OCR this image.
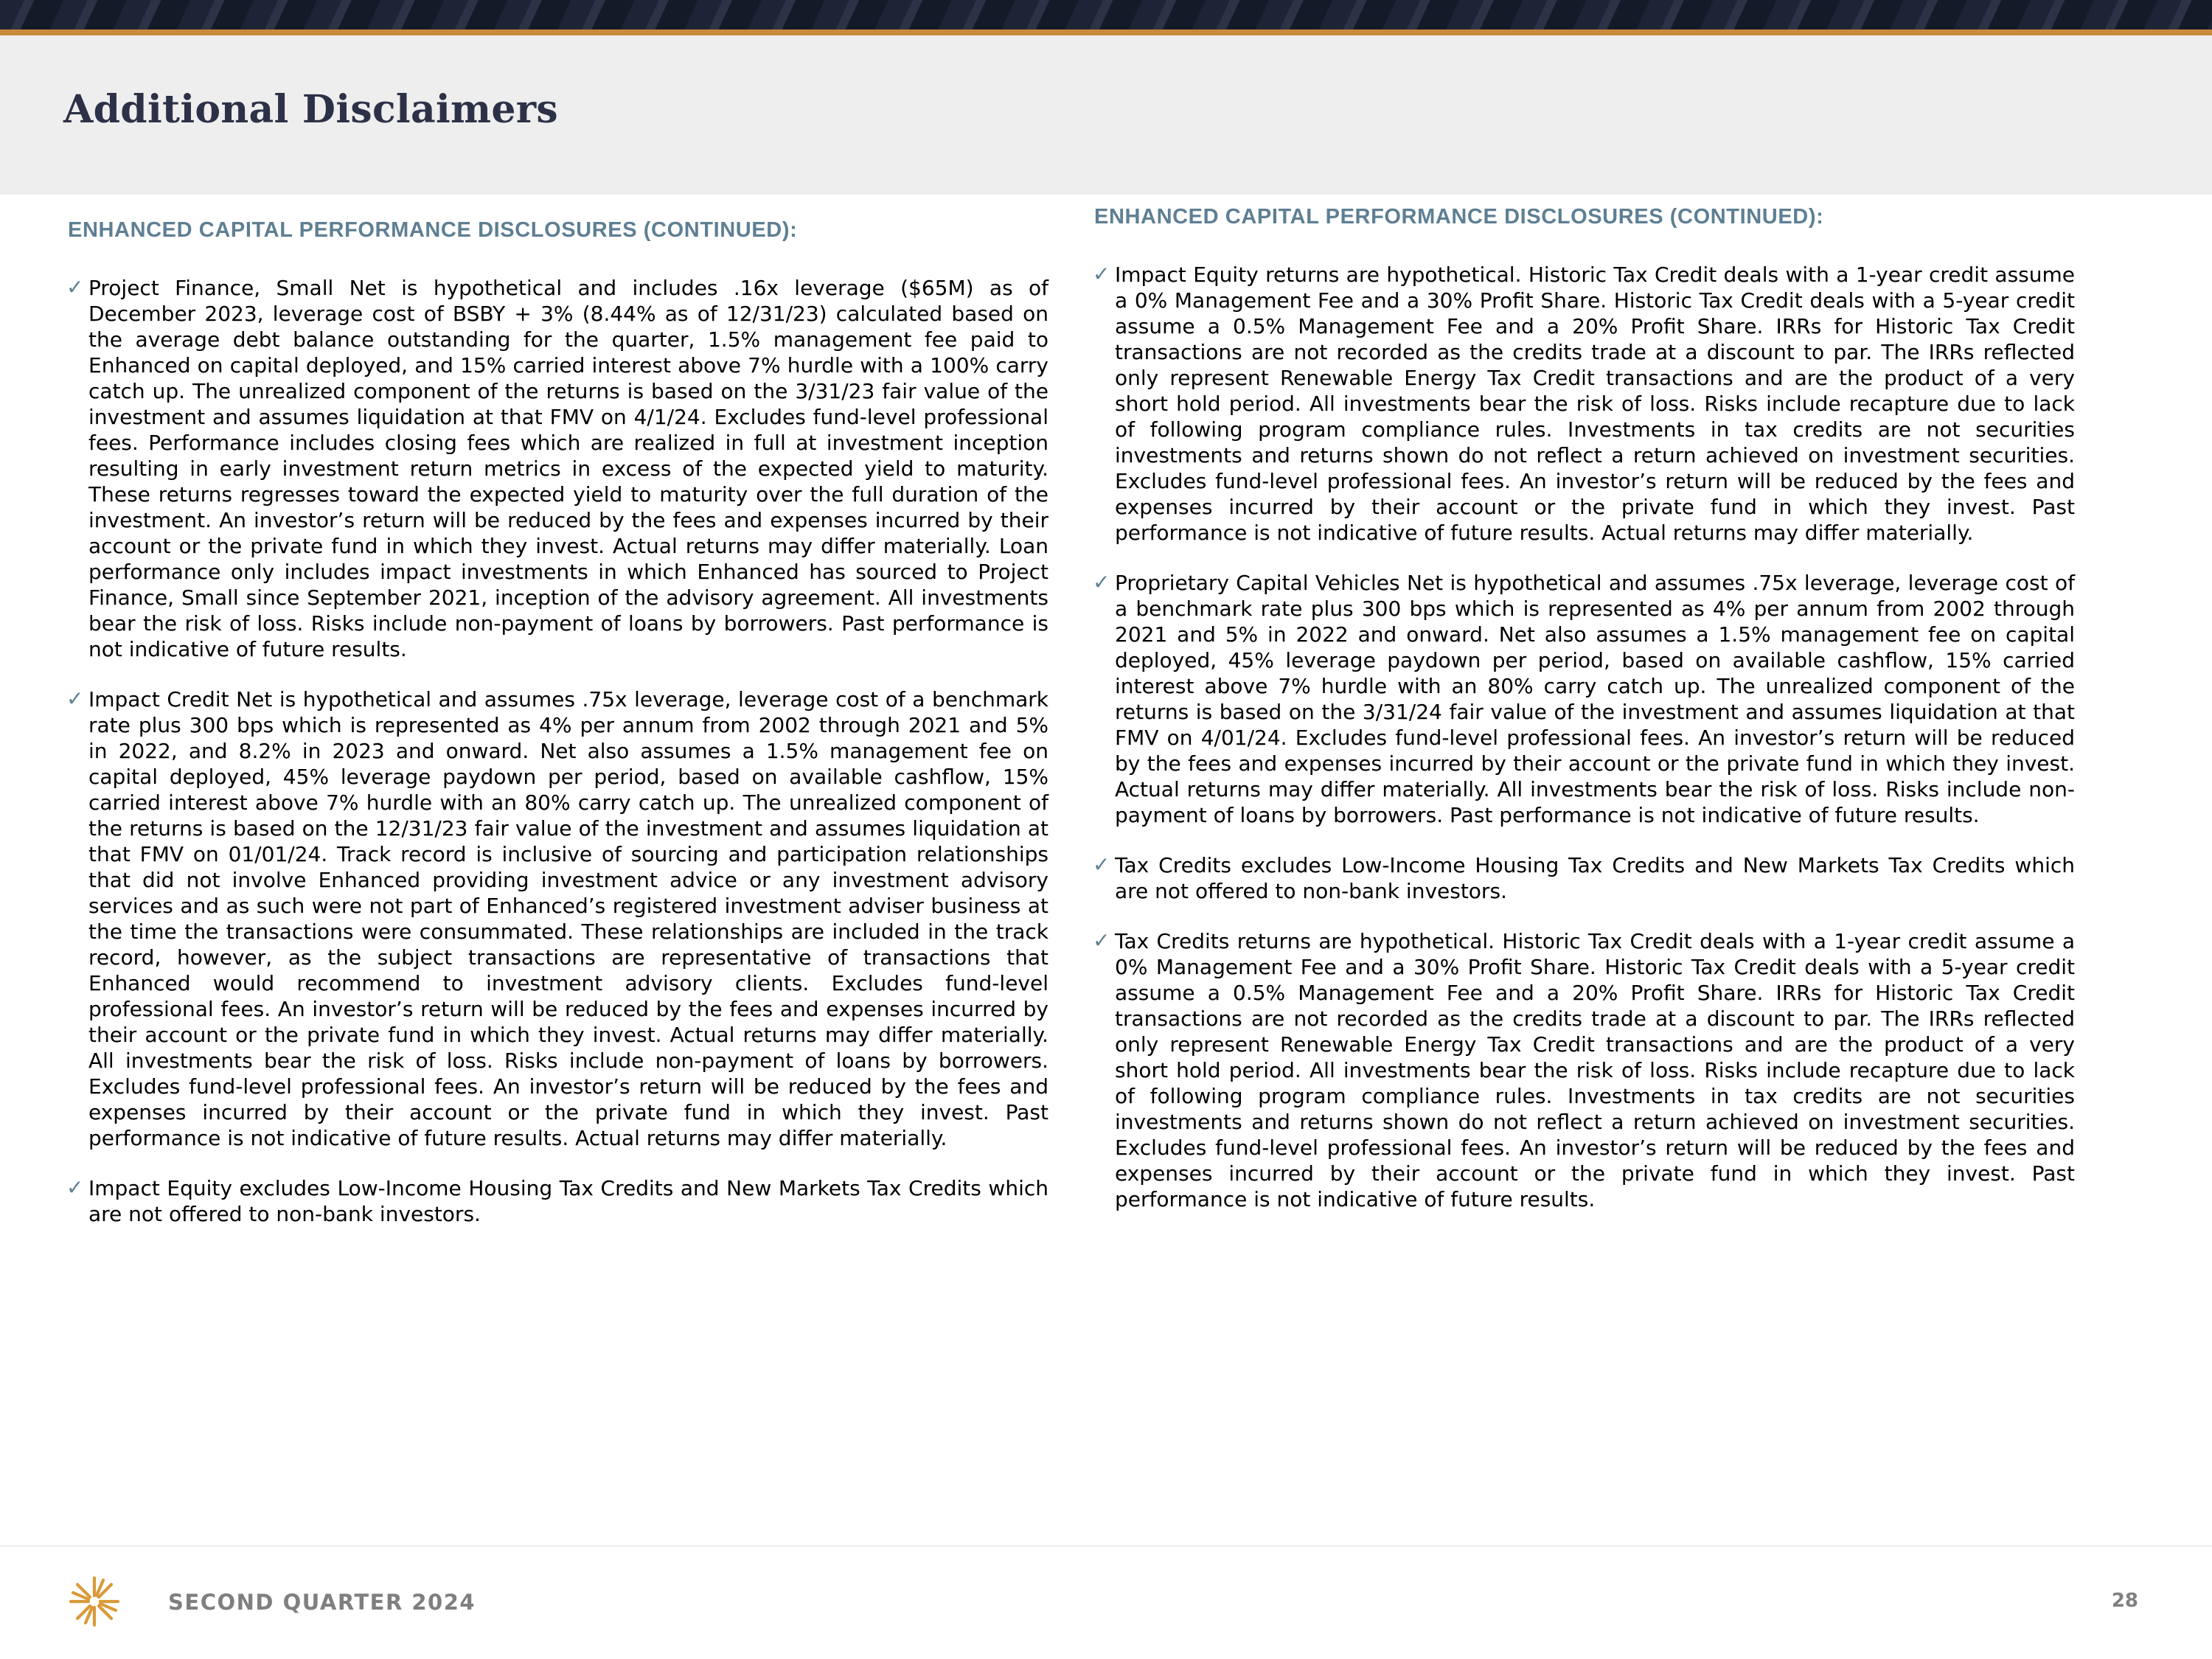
Additional Disclaimers
ENHANCED CAPITAL PERFORMANCE DISCLOSURES (CONTINUED):
✓ Project Finance, Small Net is hypothetical and includes .16x leverage ($65M) as of December 2023, leverage cost of BSBY + 3% (8.44% as of 12/31/23) calculated based on the average debt balance outstanding for the quarter, 1.5% management fee paid to Enhanced on capital deployed, and 15% carried interest above 7% hurdle with a 100% carry catch up. The unrealized component of the returns is based on the 3/31/23 fair value of the investment and assumes liquidation at that FMV on 4/1/24. Excludes fund-level professional fees. Performance includes closing fees which are realized in full at investment inception resulting in early investment return metrics in excess of the expected yield to maturity. These returns regresses toward the expected yield to maturity over the full duration of the investment. An investor’s return will be reduced by the fees and expenses incurred by their account or the private fund in which they invest. Actual returns may differ materially. Loan performance only includes impact investments in which Enhanced has sourced to Project Finance, Small since September 2021, inception of the advisory agreement. All investments bear the risk of loss. Risks include non-payment of loans by borrowers. Past performance is not indicative of future results.
✓ Impact Credit Net is hypothetical and assumes .75x leverage, leverage cost of a benchmark rate plus 300 bps which is represented as 4% per annum from 2002 through 2021 and 5% in 2022, and 8.2% in 2023 and onward. Net also assumes a 1.5% management fee on capital deployed, 45% leverage paydown per period, based on available cashflow, 15% carried interest above 7% hurdle with an 80% carry catch up. The unrealized component of the returns is based on the 12/31/23 fair value of the investment and assumes liquidation at that FMV on 01/01/24. Track record is inclusive of sourcing and participation relationships that did not involve Enhanced providing investment advice or any investment advisory services and as such were not part of Enhanced’s registered investment adviser business at the time the transactions were consummated. These relationships are included in the track record, however, as the subject transactions are representative of transactions that Enhanced would recommend to investment advisory clients. Excludes fund-level professional fees. An investor’s return will be reduced by the fees and expenses incurred by their account or the private fund in which they invest. Actual returns may differ materially. All investments bear the risk of loss. Risks include non-payment of loans by borrowers. Excludes fund-level professional fees. An investor’s return will be reduced by the fees and expenses incurred by their account or the private fund in which they invest. Past performance is not indicative of future results. Actual returns may differ materially.
✓ Impact Equity excludes Low-Income Housing Tax Credits and New Markets Tax Credits which are not offered to non-bank investors.
ENHANCED CAPITAL PERFORMANCE DISCLOSURES (CONTINUED):
✓ Impact Equity returns are hypothetical. Historic Tax Credit deals with a 1-year credit assume a 0% Management Fee and a 30% Profit Share. Historic Tax Credit deals with a 5-year credit assume a 0.5% Management Fee and a 20% Profit Share. IRRs for Historic Tax Credit transactions are not recorded as the credits trade at a discount to par. The IRRs reflected only represent Renewable Energy Tax Credit transactions and are the product of a very short hold period. All investments bear the risk of loss. Risks include recapture due to lack of following program compliance rules. Investments in tax credits are not securities investments and returns shown do not reflect a return achieved on investment securities. Excludes fund-level professional fees. An investor’s return will be reduced by the fees and expenses incurred by their account or the private fund in which they invest. Past performance is not indicative of future results. Actual returns may differ materially.
✓ Proprietary Capital Vehicles Net is hypothetical and assumes .75x leverage, leverage cost of a benchmark rate plus 300 bps which is represented as 4% per annum from 2002 through 2021 and 5% in 2022 and onward. Net also assumes a 1.5% management fee on capital deployed, 45% leverage paydown per period, based on available cashflow, 15% carried interest above 7% hurdle with an 80% carry catch up. The unrealized component of the returns is based on the 3/31/24 fair value of the investment and assumes liquidation at that FMV on 4/01/24. Excludes fund-level professional fees. An investor’s return will be reduced by the fees and expenses incurred by their account or the private fund in which they invest. Actual returns may differ materially. All investments bear the risk of loss. Risks include non-payment of loans by borrowers. Past performance is not indicative of future results.
✓ Tax Credits excludes Low-Income Housing Tax Credits and New Markets Tax Credits which are not offered to non-bank investors.
✓ Tax Credits returns are hypothetical. Historic Tax Credit deals with a 1-year credit assume a 0% Management Fee and a 30% Profit Share. Historic Tax Credit deals with a 5-year credit assume a 0.5% Management Fee and a 20% Profit Share. IRRs for Historic Tax Credit transactions are not recorded as the credits trade at a discount to par. The IRRs reflected only represent Renewable Energy Tax Credit transactions and are the product of a very short hold period. All investments bear the risk of loss. Risks include recapture due to lack of following program compliance rules. Investments in tax credits are not securities investments and returns shown do not reflect a return achieved on investment securities. Excludes fund-level professional fees. An investor’s return will be reduced by the fees and expenses incurred by their account or the private fund in which they invest. Past performance is not indicative of future results.
SECOND QUARTER 2024	28
